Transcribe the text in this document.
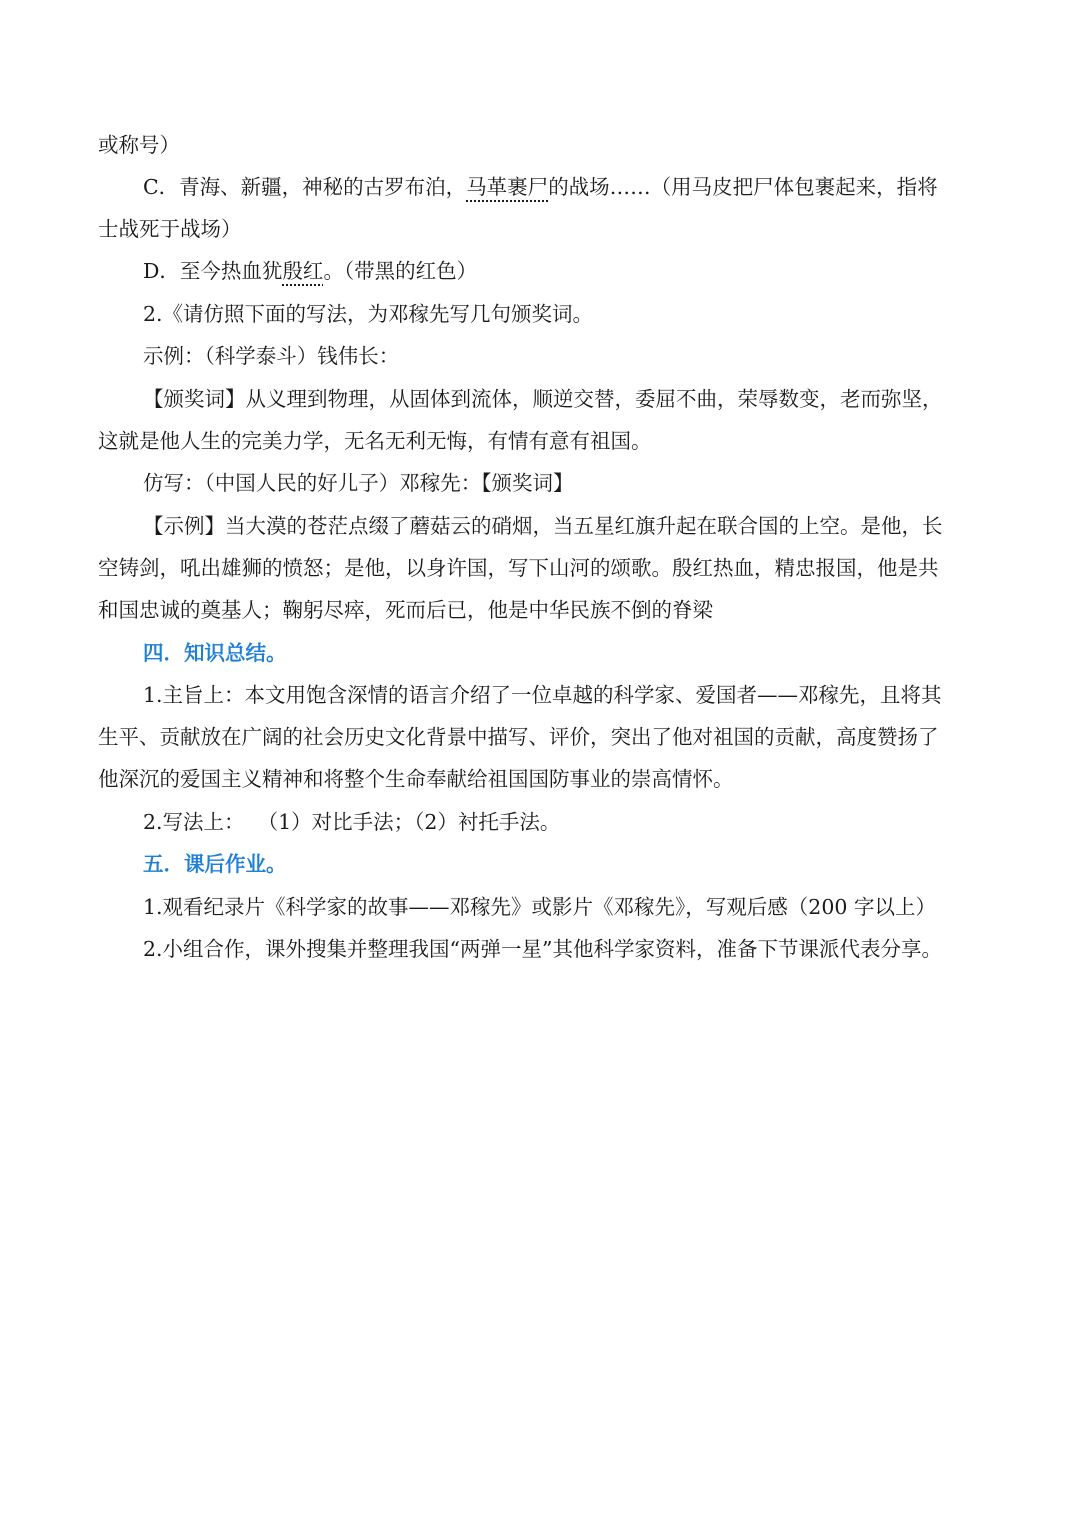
或称号）
C．青海、新疆，神秘的古罗布泊，马革裹尸的战场……（用马皮把尸体包裹起来，指将
士战死于战场）
D．至今热血犹殷红。（带黑的红色）
2.《请仿照下面的写法，为邓稼先写几句颁奖词。
示例：（科学泰斗）钱伟长：
【颁奖词】从义理到物理，从固体到流体，顺逆交替，委屈不曲，荣辱数变，老而弥坚，
这就是他人生的完美力学，无名无利无悔，有情有意有祖国。
仿写：（中国人民的好儿子）邓稼先：【颁奖词】
【示例】当大漠的苍茫点缀了蘑菇云的硝烟，当五星红旗升起在联合国的上空。是他，长
空铸剑，吼出雄狮的愤怒；是他，以身许国，写下山河的颂歌。殷红热血，精忠报国，他是共
和国忠诚的奠基人；鞠躬尽瘁，死而后已，他是中华民族不倒的脊梁
四．知识总结。
1.主旨上：本文用饱含深情的语言介绍了一位卓越的科学家、爱国者——邓稼先，且将其
生平、贡献放在广阔的社会历史文化背景中描写、评价，突出了他对祖国的贡献，高度赞扬了
他深沉的爱国主义精神和将整个生命奉献给祖国国防事业的崇高情怀。
2.写法上：  （1）对比手法；（2）衬托手法。
五．课后作业。
1.观看纪录片《科学家的故事——邓稼先》或影片《邓稼先》，写观后感（200 字以上）
2.小组合作，课外搜集并整理我国“两弹一星”其他科学家资料，准备下节课派代表分享。
